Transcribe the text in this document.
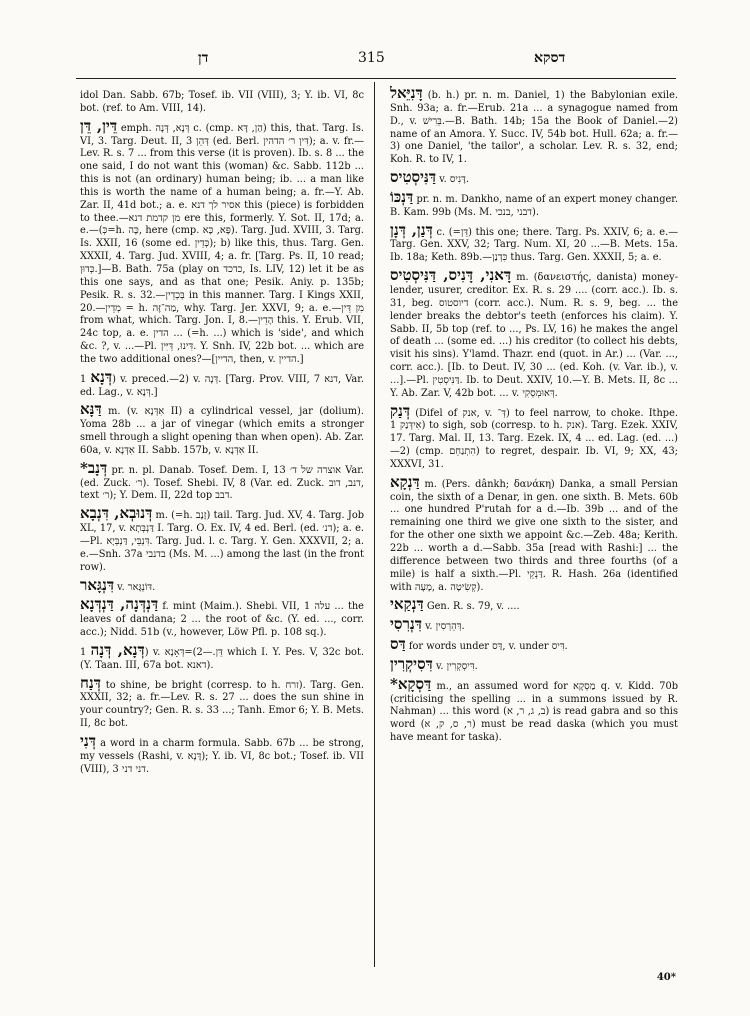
דן	315	דסקא

idol Dan. Sabb. 67b; Tosef. ib. VII (VIII), 3; Y. ib. VI, 8c bot. (ref. to Am. VIII, 14).

דֵּין, דֵּן emph. דְּנָא, דְּנָה c. (cmp. הַן, דָּא) this, that. Targ. Is. VI, 3. Targ. Deut. II, 3 דְּהֵן (ed. Berl. דִּין ר׳ הדהין); a. v. fr.—Lev. R. s. 7 ... from this verse (it is proven). Ib. s. 8 ... the one said, I do not want this (woman) &c. Sabb. 112b ... this is not (an ordinary) human being; ib. ... a man like this is worth the name of a human being; a. fr.—Y. Ab. Zar. II, 41d bot.; a. e. אסיר לך דנא this (piece) is forbidden to thee.—מן קדמת דנא ere this, formerly. Y. Sot. II, 17d; a. e.—(כְּ=h. כָּה, here (cmp. פָּא, כָּא). Targ. Jud. XVIII, 3. Targ. Is. XXII, 16 (some ed. כְּדֵין); b) like this, thus. Targ. Gen. XXXII, 4. Targ. Jud. XVIII, 4; a. fr. [Targ. Ps. II, 10 read; כְּדוּן.]—B. Bath. 75a (play on כדכד, Is. LIV, 12) let it be as this one says, and as that one; Pesik. Aniy. p. 135b; Pesik. R. s. 32.—בְּכְדֵין in this manner. Targ. I Kings XXII, 20.—מְדֵין = h. מַה־זֶּה, why. Targ. Jer. XXVI, 9; a. e.—מִן דֵּין from what, which. Targ. Jon. I, 8.—הָדֵין this. Y. Erub. VII, 24c top, a. e. הדין ... (=h. ...) which is 'side', and which &c. ?, v. ...—Pl. דִּינוּ, דֵּיִּין. Y. Snh. IV, 22b bot. ... which are the two additional ones?—[הדיין, then, v. הדיין.]

דְּנָא 1) v. preced.—2) v. דְּנָה. [Targ. Prov. VIII, 7 דנא, Var. ed. Lag., v. דְּנָא.]

דַּנָּא m. (v. אִדְּנָא II) a cylindrical vessel, jar (dolium). Yoma 28b ... a jar of vinegar (which emits a stronger smell through a slight opening than when open). Ab. Zar. 60a, v. אִדְּנָא II. Sabb. 157b, v. אִדְּנָא II.

*דְּנָב pr. n. pl. Danab. Tosef. Dem. I, 13 אוצרה של ד׳ Var. (ed. Zuck. ר׳). Tosef. Shebi. IV, 8 (Var. ed. Zuck. דנב, דוב, text ר׳); Y. Dem. II, 22d top דבב.

דְּנוּבְא, דִּנְבָא m. (=h. זָנָב) tail. Targ. Jud. XV, 4. Targ. Job XL, 17, v. דַּנְבְּתָא I. Targ. O. Ex. IV, 4 ed. Berl. (ed. דנ׳); a. e.—Pl. דִּנְבֵּי, דַּנְבְּיָא. Targ. Jud. l. c. Targ. Y. Gen. XXXVII, 2; a. e.—Snh. 37a בדנבי (Ms. M. ...) among the last (in the front row).

דִּנְגָּאר v. דּוֹנְגָּאר.

דַּנְדְּנָה, דַּנְדְּנָא f. mint (Maim.). Shebi. VII, 1 עלה ... the leaves of dandana; 2 ... the root of &c. (Y. ed. ..., corr. acc.); Nidd. 51b (v., however, Löw Pfl. p. 108 sq.).

דְּנָא, דְּנָה 1) v. דֵּן.—2)=דְּאָנָא which I. Y. Pes. V, 32c bot. (Y. Taan. III, 67a bot. דאנא).

דְּנַח to shine, be bright (corresp. to h. זרח). Targ. Gen. XXXII, 32; a. fr.—Lev. R. s. 27 ... does the sun shine in your country?; Gen. R. s. 33 ...; Tanh. Emor 6; Y. B. Mets. II, 8c bot.

דְּנִי a word in a charm formula. Sabb. 67b ... be strong, my vessels (Rashi, v. דָּנָא); Y. ib. VI, 8c bot.; Tosef. ib. VII (VIII), 3 דני דני.

דָּנִיֵּאל (b. h.) pr. n. m. Daniel, 1) the Babylonian exile. Snh. 93a; a. fr.—Erub. 21a ... a synagogue named from D., v. בֵּרִישׁ.—B. Bath. 14b; 15a the Book of Daniel.—2) name of an Amora. Y. Succ. IV, 54b bot. Hull. 62a; a. fr.—3) one Daniel, 'the tailor', a scholar. Lev. R. s. 32, end; Koh. R. to IV, 1.

דַּנִּיסְטִיס v. דָּנִיס.

דַּנְכּוֹ pr. n. m. Dankho, name of an expert money changer. B. Kam. 99b (Ms. M. דבני ,בנכי).

דְּנַן, דְּנָן c. (=דֵּן) this one; there. Targ. Ps. XXIV, 6; a. e.—Targ. Gen. XXV, 32; Targ. Num. XI, 20 ...—B. Mets. 15a. Ib. 18a; Keth. 89b.—כִּדְנַן thus. Targ. Gen. XXXII, 5; a. e.

דָּאנִי, דָּנִיס, דַּנִּיסְטִיס m. (δανειστής, danista) money-lender, usurer, creditor. Ex. R. s. 29 .... (corr. acc.). Ib. s. 31, beg. דיוסטוס (corr. acc.). Num. R. s. 9, beg. ... the lender breaks the debtor's teeth (enforces his claim). Y. Sabb. II, 5b top (ref. to ..., Ps. LV, 16) he makes the angel of death ... (some ed. ...) his creditor (to collect his debts, visit his sins). Y'lamd. Thazr. end (quot. in Ar.) ... (Var. ..., corr. acc.). [Ib. to Deut. IV, 30 ... (ed. Koh. (v. Var. ib.), v. ...].—Pl. דַּנִּיסְטִין. Ib. to Deut. XXIV, 10.—Y. B. Mets. II, 8c ... Y. Ab. Zar. V, 42b bot. ... v. דְּאוּמְסְקִי.

דְּנַק (Difel of אנק, v. דְּ־) to feel narrow, to choke. Ithpe. אִידְּנַק 1) to sigh, sob (corresp. to h. אנק). Targ. Ezek. XXIV, 17. Targ. Mal. II, 13. Targ. Ezek. IX, 4 ... ed. Lag. (ed. ...)—2) (cmp. הִתְנַחֵם) to regret, despair. Ib. VI, 9; XX, 43; XXXVI, 31.

דַּנְקָא m. (Pers. dânkh; δανάκη) Danka, a small Persian coin, the sixth of a Denar, in gen. one sixth. B. Mets. 60b ... one hundred P'rutah for a d.—Ib. 39b ... and of the remaining one third we give one sixth to the sister, and for the other one sixth we appoint &c.—Zeb. 48a; Kerith. 22b ... worth a d.—Sabb. 35a [read with Rashi:] ... the difference between two thirds and three fourths (of a mile) is half a sixth.—Pl. דַּנְקֵי. R. Hash. 26a (identified with מָעָה, a. קְשִׂיטָה).

דַּנְקַאי Gen. R. s. 79, v. ....

דִּנְרִסִי v. דְּהֵרְסִין.

דַּס for words under דַּס, v. under דִּיס.

דִּסִיקְרִין v. דִּיסְקְרִין.

*דַּסְקָא m., an assumed word for מַסְקָא q. v. Kidd. 70b (criticising the spelling ... in a summons issued by R. Nahman) ... this word (ב, ג, ר, א) is read gabra and so this word (ר, ס, ק, א) must be read daska (which you must have meant for taska).

40*
